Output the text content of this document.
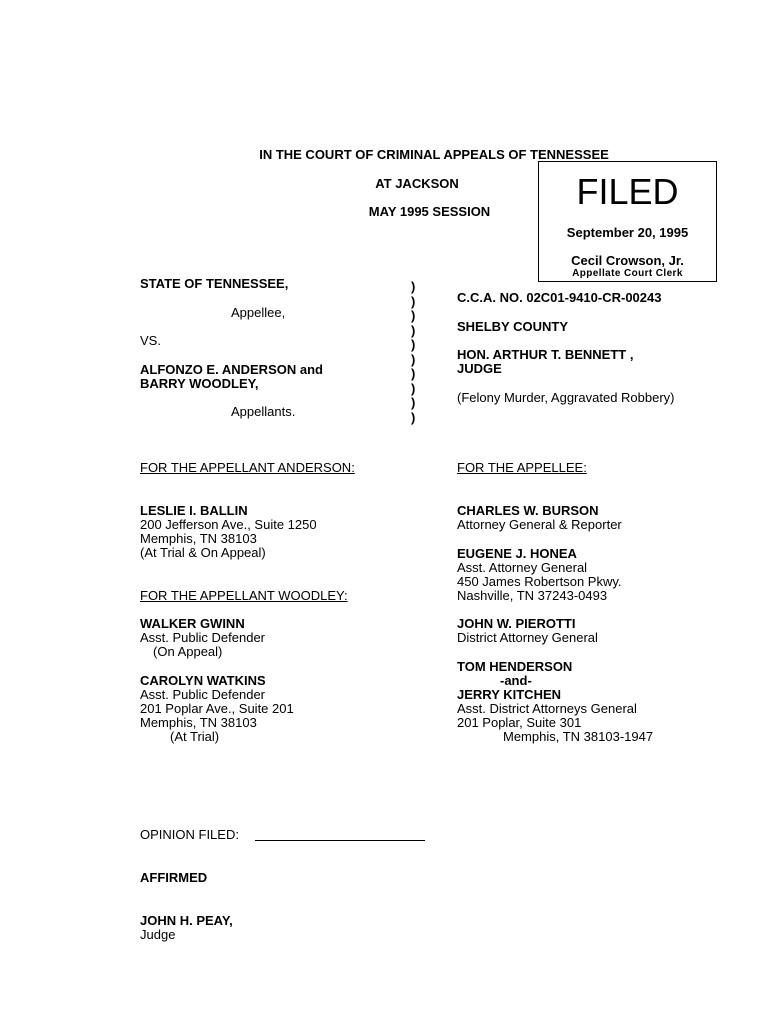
IN THE COURT OF CRIMINAL APPEALS OF TENNESSEE
AT JACKSON
MAY 1995 SESSION	FILED
September 20, 1995
Cecil Crowson, Jr.
Appellate Court Clerk
STATE OF TENNESSEE,
Appellee,
VS.
ALFONZO E. ANDERSON and
BARRY WOODLEY,
Appellants.
)
)
)
)
)
)
)
)
)
)
C.C.A. NO. 02C01-9410-CR-00243
SHELBY COUNTY
HON. ARTHUR T. BENNETT ,
JUDGE
(Felony Murder, Aggravated Robbery)
FOR THE APPELLANT ANDERSON:	FOR THE APPELLEE:
LESLIE I. BALLIN
200 Jefferson Ave., Suite 1250
Memphis, TN 38103
(At Trial & On Appeal)
FOR THE APPELLANT WOODLEY:
WALKER GWINN
Asst. Public Defender
(On Appeal)
CAROLYN WATKINS
Asst. Public Defender
201 Poplar Ave., Suite 201
Memphis, TN 38103
(At Trial)
CHARLES W. BURSON
Attorney General & Reporter
EUGENE J. HONEA
Asst. Attorney General
450 James Robertson Pkwy.
Nashville, TN 37243-0493
JOHN W. PIEROTTI
District Attorney General
TOM HENDERSON
-and-
JERRY KITCHEN
Asst. District Attorneys General
201 Poplar, Suite 301
Memphis, TN 38103-1947
OPINION FILED:
AFFIRMED
JOHN H. PEAY,
Judge
